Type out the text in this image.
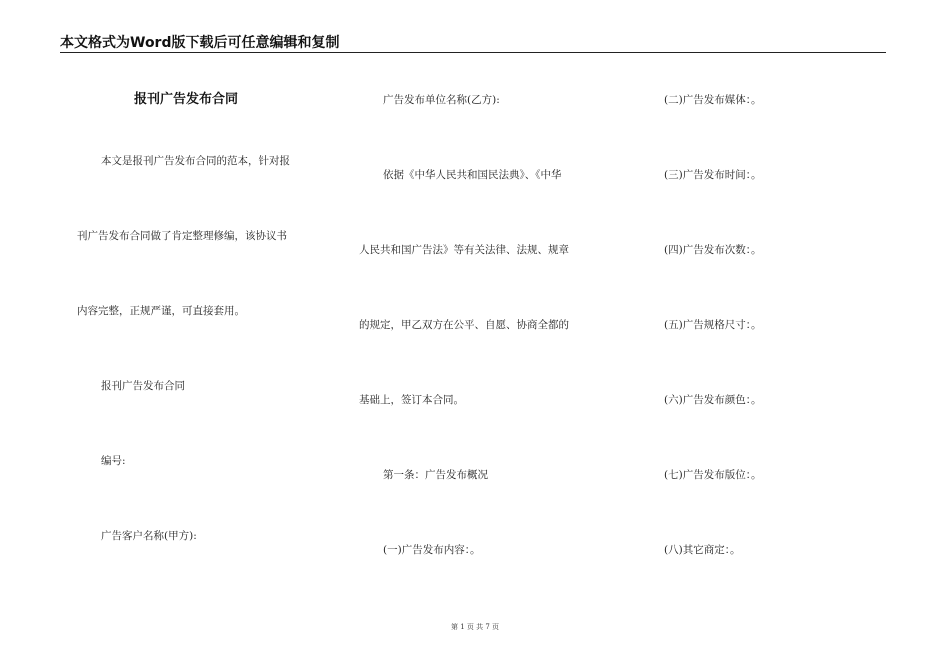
本文格式为Word版下载后可任意编辑和复制
报刊广告发布合同
本文是报刊广告发布合同的范本，针对报
刊广告发布合同做了肯定整理修编，该协议书
内容完整，正规严谨，可直接套用。
报刊广告发布合同
编号:
广告客户名称(甲方):
广告发布单位名称(乙方):
依据《中华人民共和国民法典》、《中华
人民共和国广告法》等有关法律、法规、规章
的规定，甲乙双方在公平、自愿、协商全都的
基础上，签订本合同。
第一条：广告发布概况
(一)广告发布内容：。
(二)广告发布媒体：。
(三)广告发布时间：。
(四)广告发布次数：。
(五)广告规格尺寸：。
(六)广告发布颜色：。
(七)广告发布版位：。
(八)其它商定：。
第 1 页 共 7 页
